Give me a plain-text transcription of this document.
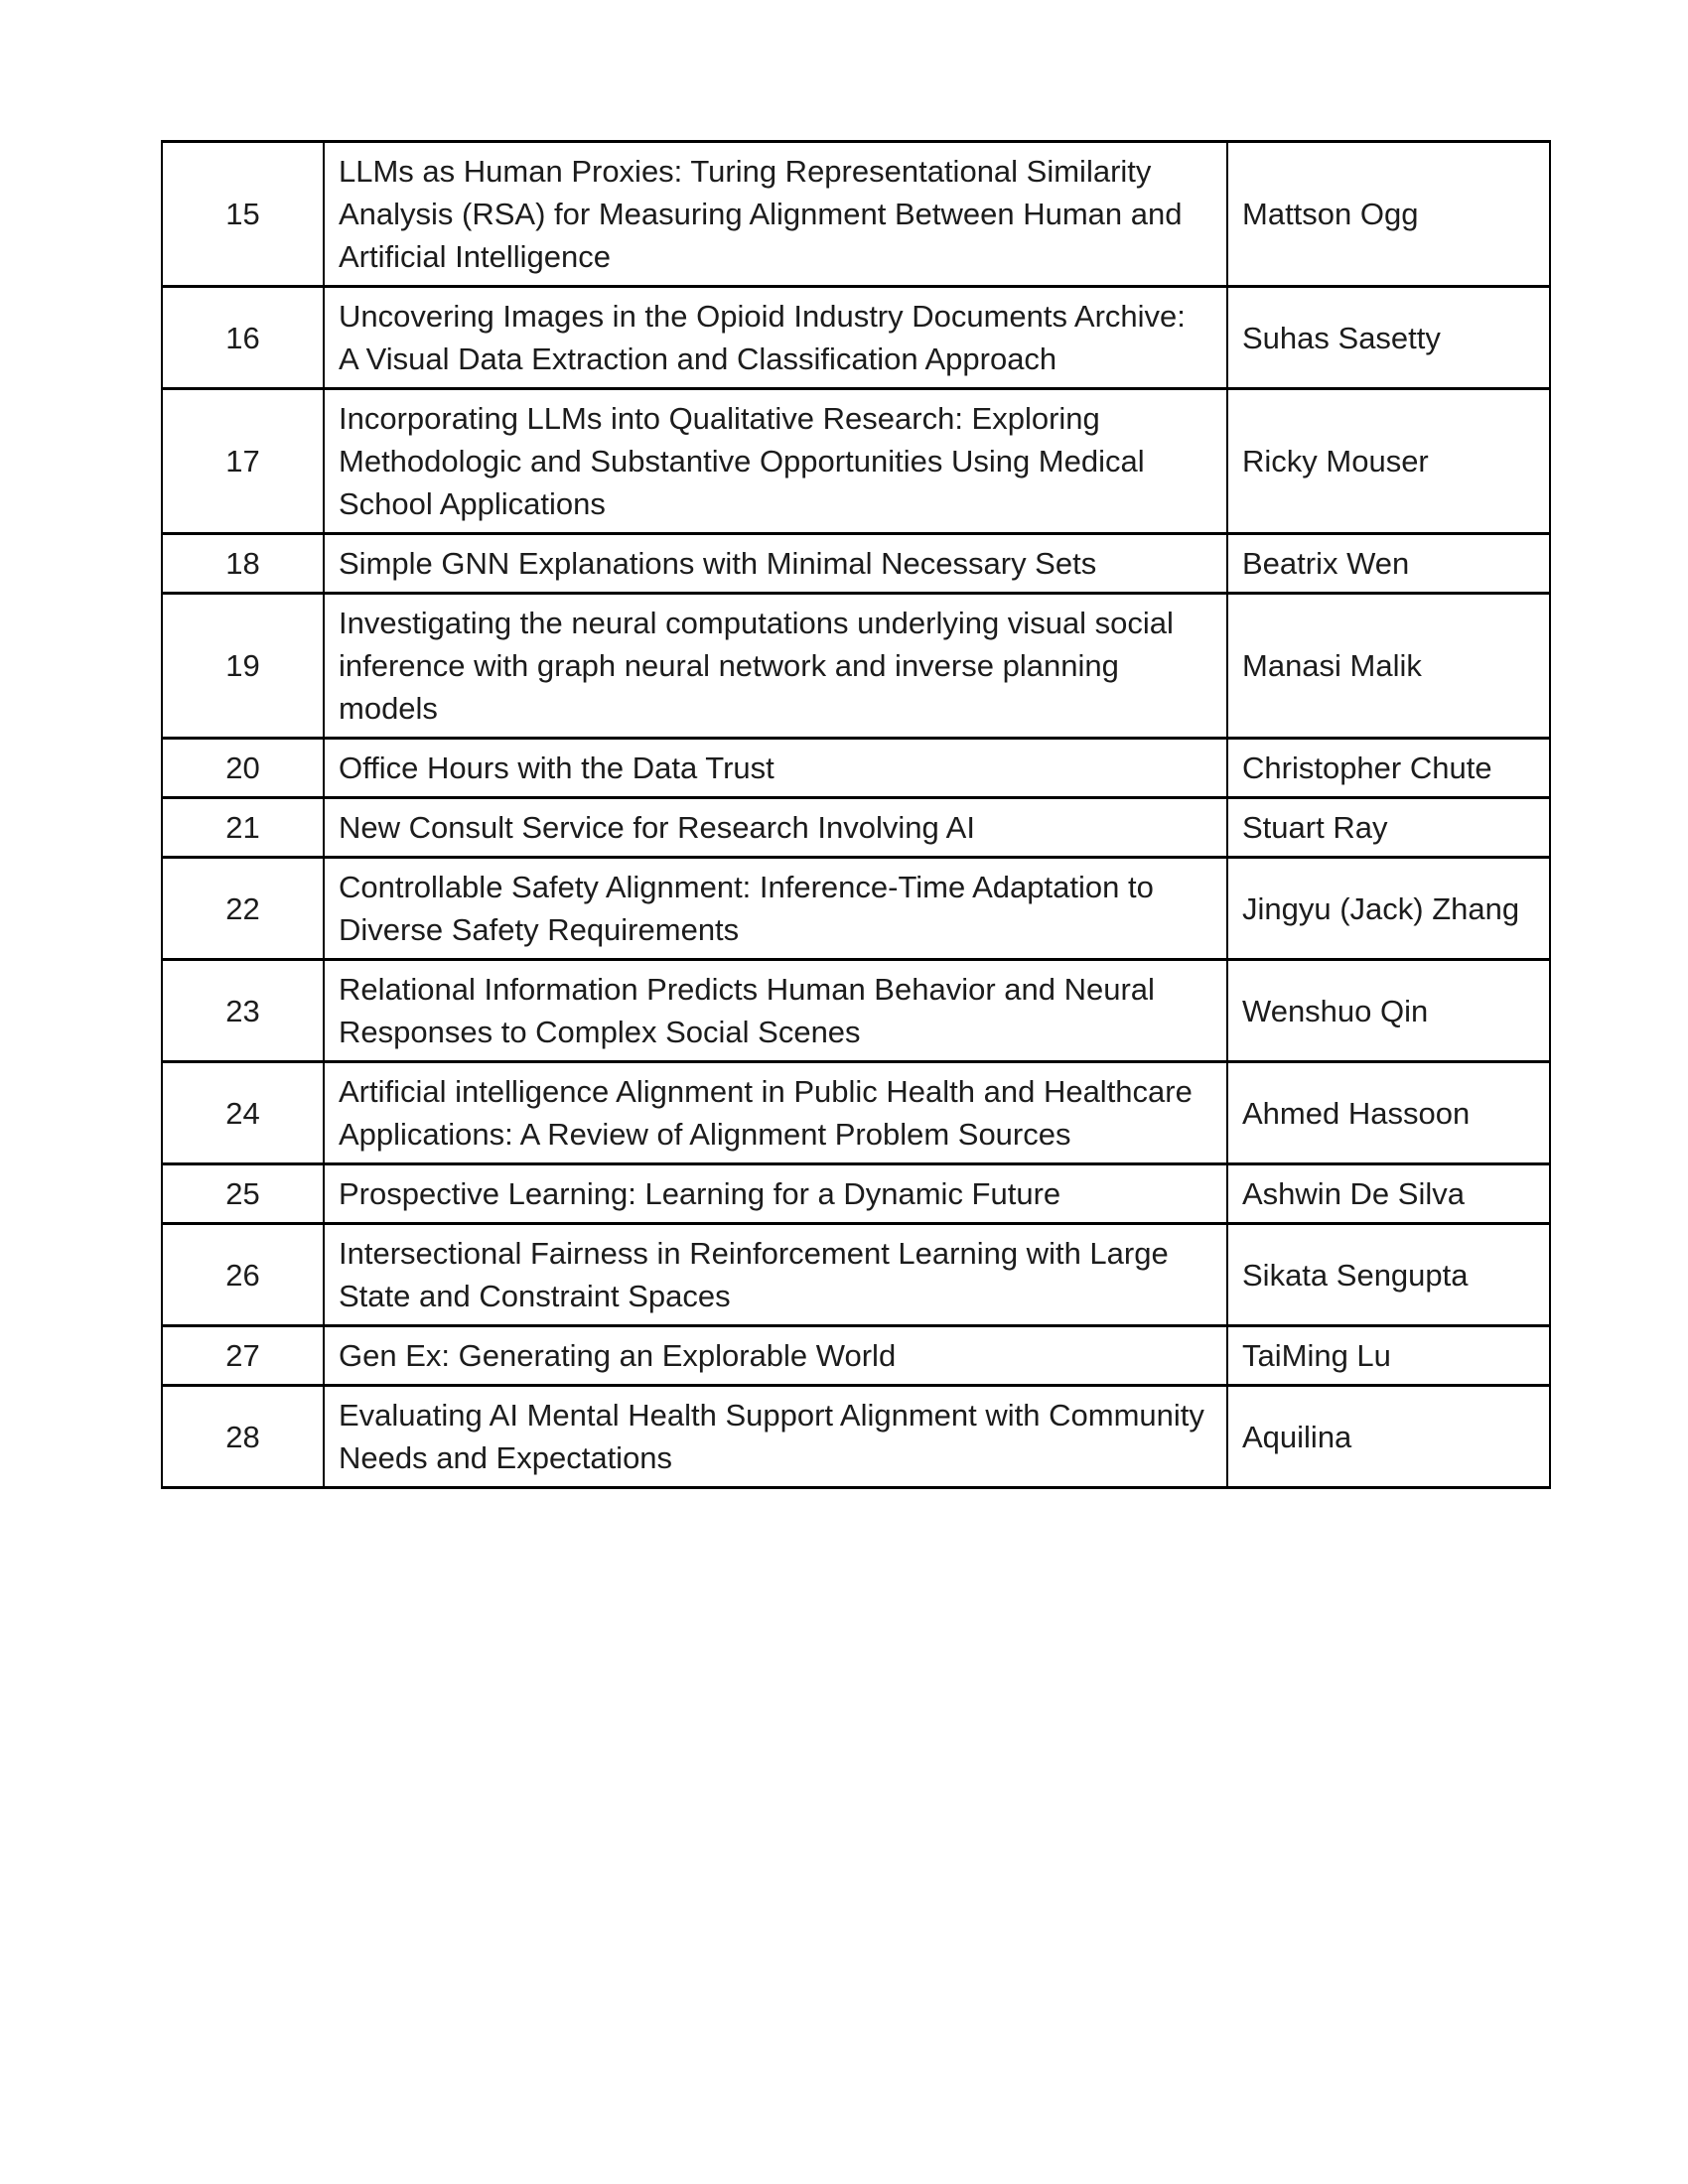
15	LLMs as Human Proxies: Turing Representational Similarity Analysis (RSA) for Measuring Alignment Between Human and Artificial Intelligence	Mattson Ogg
16	Uncovering Images in the Opioid Industry Documents Archive: A Visual Data Extraction and Classification Approach	Suhas Sasetty
17	Incorporating LLMs into Qualitative Research: Exploring Methodologic and Substantive Opportunities Using Medical School Applications	Ricky Mouser
18	Simple GNN Explanations with Minimal Necessary Sets	Beatrix Wen
19	Investigating the neural computations underlying visual social inference with graph neural network and inverse planning models	Manasi Malik
20	Office Hours with the Data Trust	Christopher Chute
21	New Consult Service for Research Involving AI	Stuart Ray
22	Controllable Safety Alignment: Inference-Time Adaptation to Diverse Safety Requirements	Jingyu (Jack) Zhang
23	Relational Information Predicts Human Behavior and Neural Responses to Complex Social Scenes	Wenshuo Qin
24	Artificial intelligence Alignment in Public Health and Healthcare Applications: A Review of Alignment Problem Sources	Ahmed Hassoon
25	Prospective Learning: Learning for a Dynamic Future	Ashwin De Silva
26	Intersectional Fairness in Reinforcement Learning with Large State and Constraint Spaces	Sikata Sengupta
27	Gen Ex: Generating an Explorable World	TaiMing Lu
28	Evaluating AI Mental Health Support Alignment with Community Needs and Expectations	Aquilina
